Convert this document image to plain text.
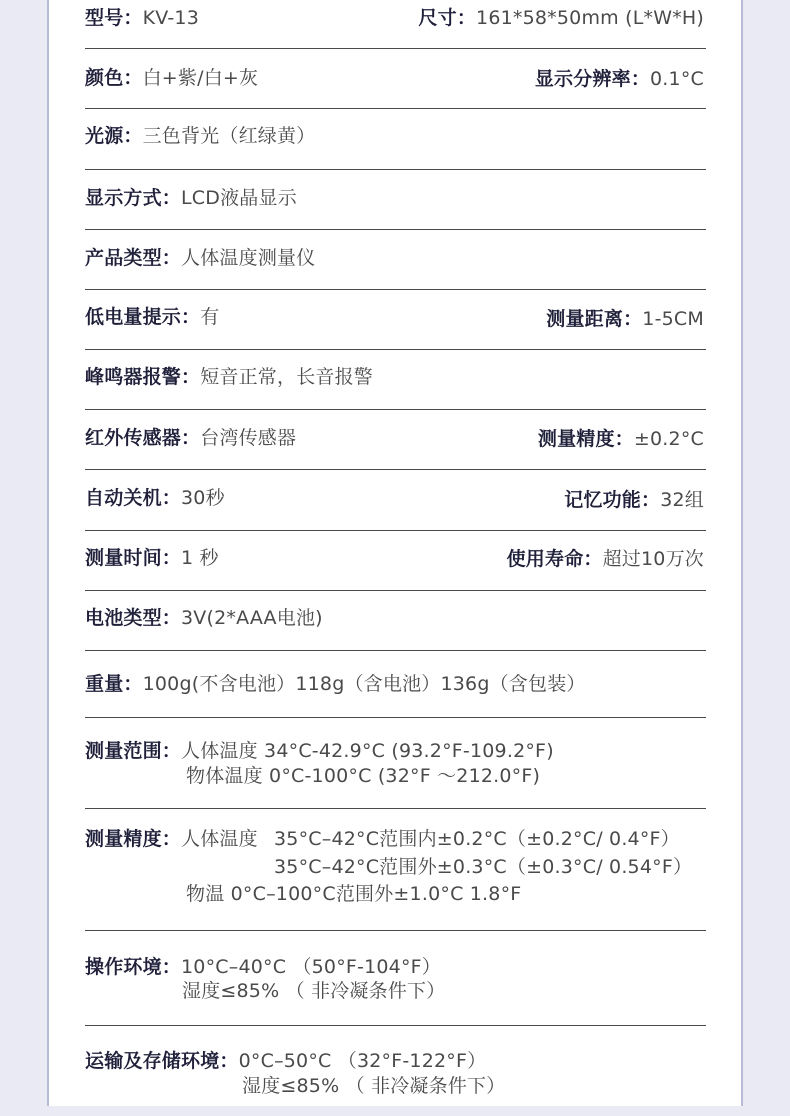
型号：KV-13	尺寸：161*58*50mm (L*W*H)
颜色：白+紫/白+灰	显示分辨率：0.1°C
光源：三色背光（红绿黄）
显示方式：LCD液晶显示
产品类型：人体温度测量仪
低电量提示：有	测量距离：1-5CM
峰鸣器报警：短音正常，长音报警
红外传感器：台湾传感器	测量精度：±0.2°C
自动关机：30秒	记忆功能：32组
测量时间：1 秒	使用寿命：超过10万次
电池类型：3V(2*AAA电池)
重量：100g(不含电池）118g（含电池）136g（含包装）
测量范围：人体温度 34°C-42.9°C (93.2°F-109.2°F)
物体温度 0°C-100°C (32°F ～212.0°F)
测量精度：人体温度 35°C–42°C范围内±0.2°C（±0.2°C/ 0.4°F）
35°C–42°C范围外±0.3°C（±0.3°C/ 0.54°F）
物温 0°C–100°C范围外±1.0°C 1.8°F
操作环境：10°C–40°C （50°F-104°F）
湿度≤85% （ 非冷凝条件下）
运输及存储环境：0°C–50°C （32°F-122°F）
湿度≤85% （ 非冷凝条件下）
